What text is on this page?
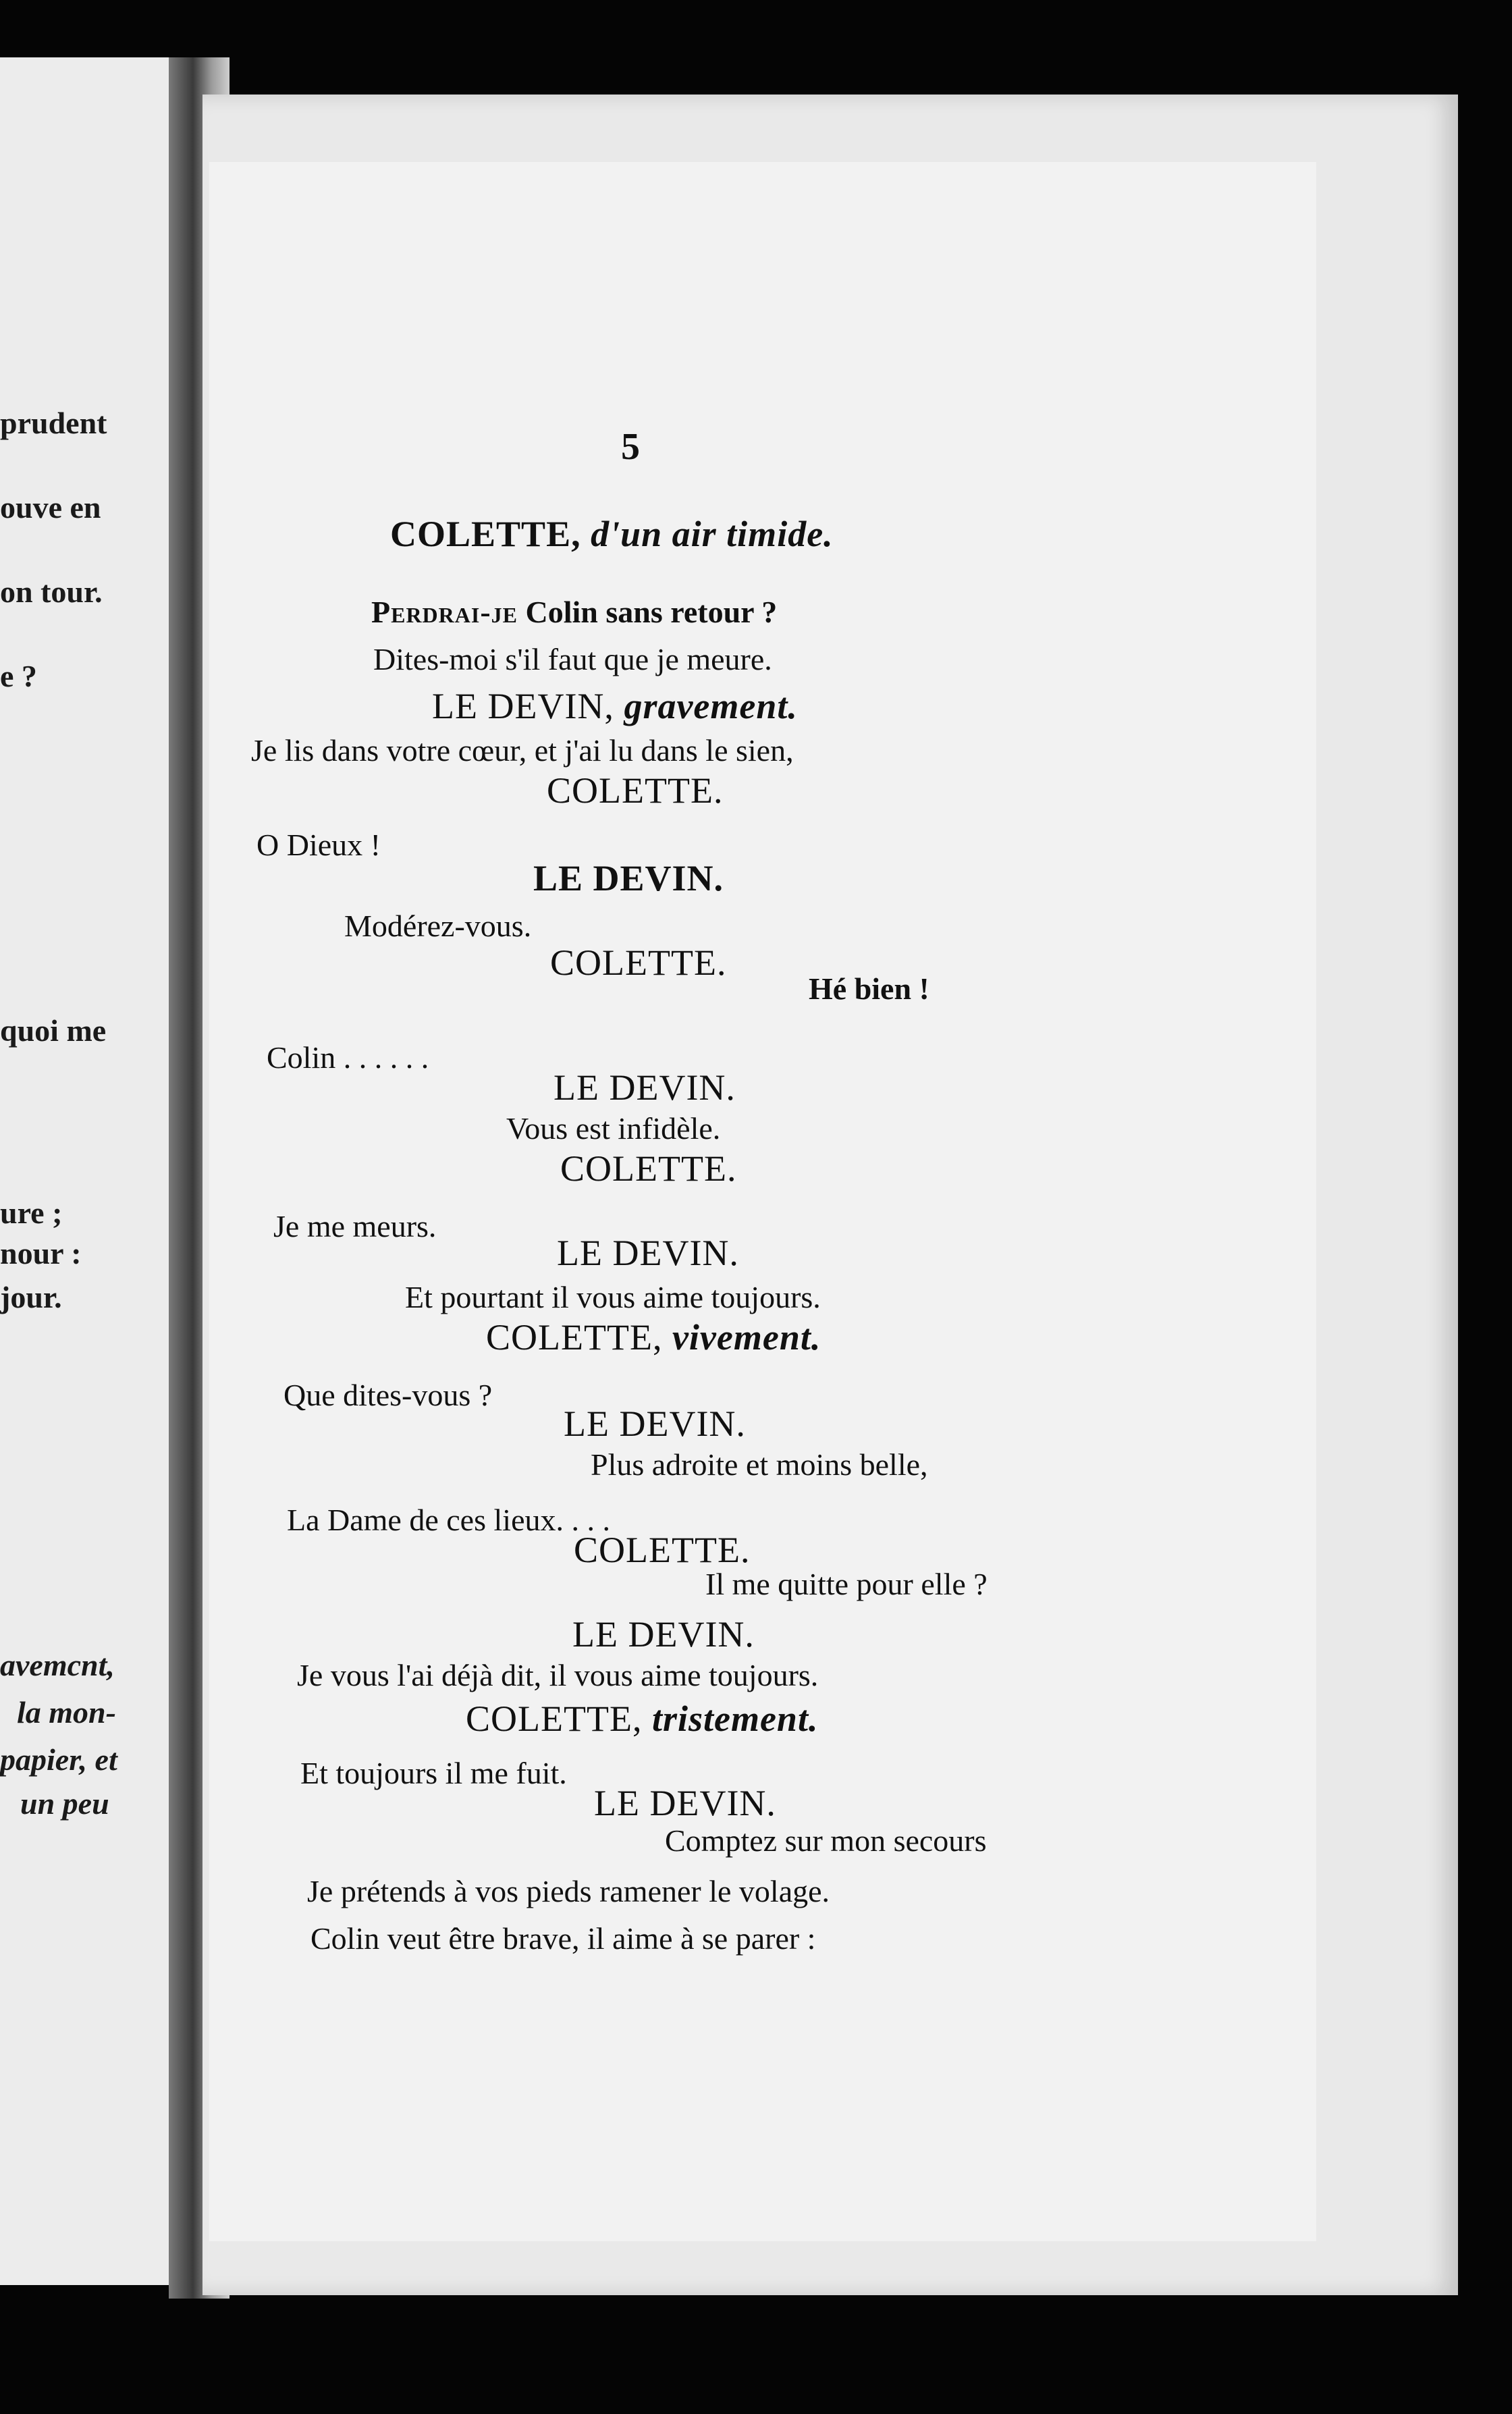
prudent
ouve en
on tour.
e ?
quoi me
ure ;
nour :
jour.
avemcnt,
la mon-
papier, et
un peu
5
COLETTE, d'un air timide.
Perdrai-je Colin sans retour ?
Dites-moi s'il faut que je meure.
LE DEVIN, gravement.
Je lis dans votre cœur, et j'ai lu dans le sien,
COLETTE.
O Dieux !
LE DEVIN.
Modérez-vous.
COLETTE.
Hé bien !
Colin . . . . . .
LE DEVIN.
Vous est infidèle.
COLETTE.
Je me meurs.
LE DEVIN.
Et pourtant il vous aime toujours.
COLETTE, vivement.
Que dites-vous ?
LE DEVIN.
Plus adroite et moins belle,
La Dame de ces lieux. . . .
COLETTE.
Il me quitte pour elle ?
LE DEVIN.
Je vous l'ai déjà dit, il vous aime toujours.
COLETTE, tristement.
Et toujours il me fuit.
LE DEVIN.
Comptez sur mon secours
Je prétends à vos pieds ramener le volage.
Colin veut être brave, il aime à se parer :
